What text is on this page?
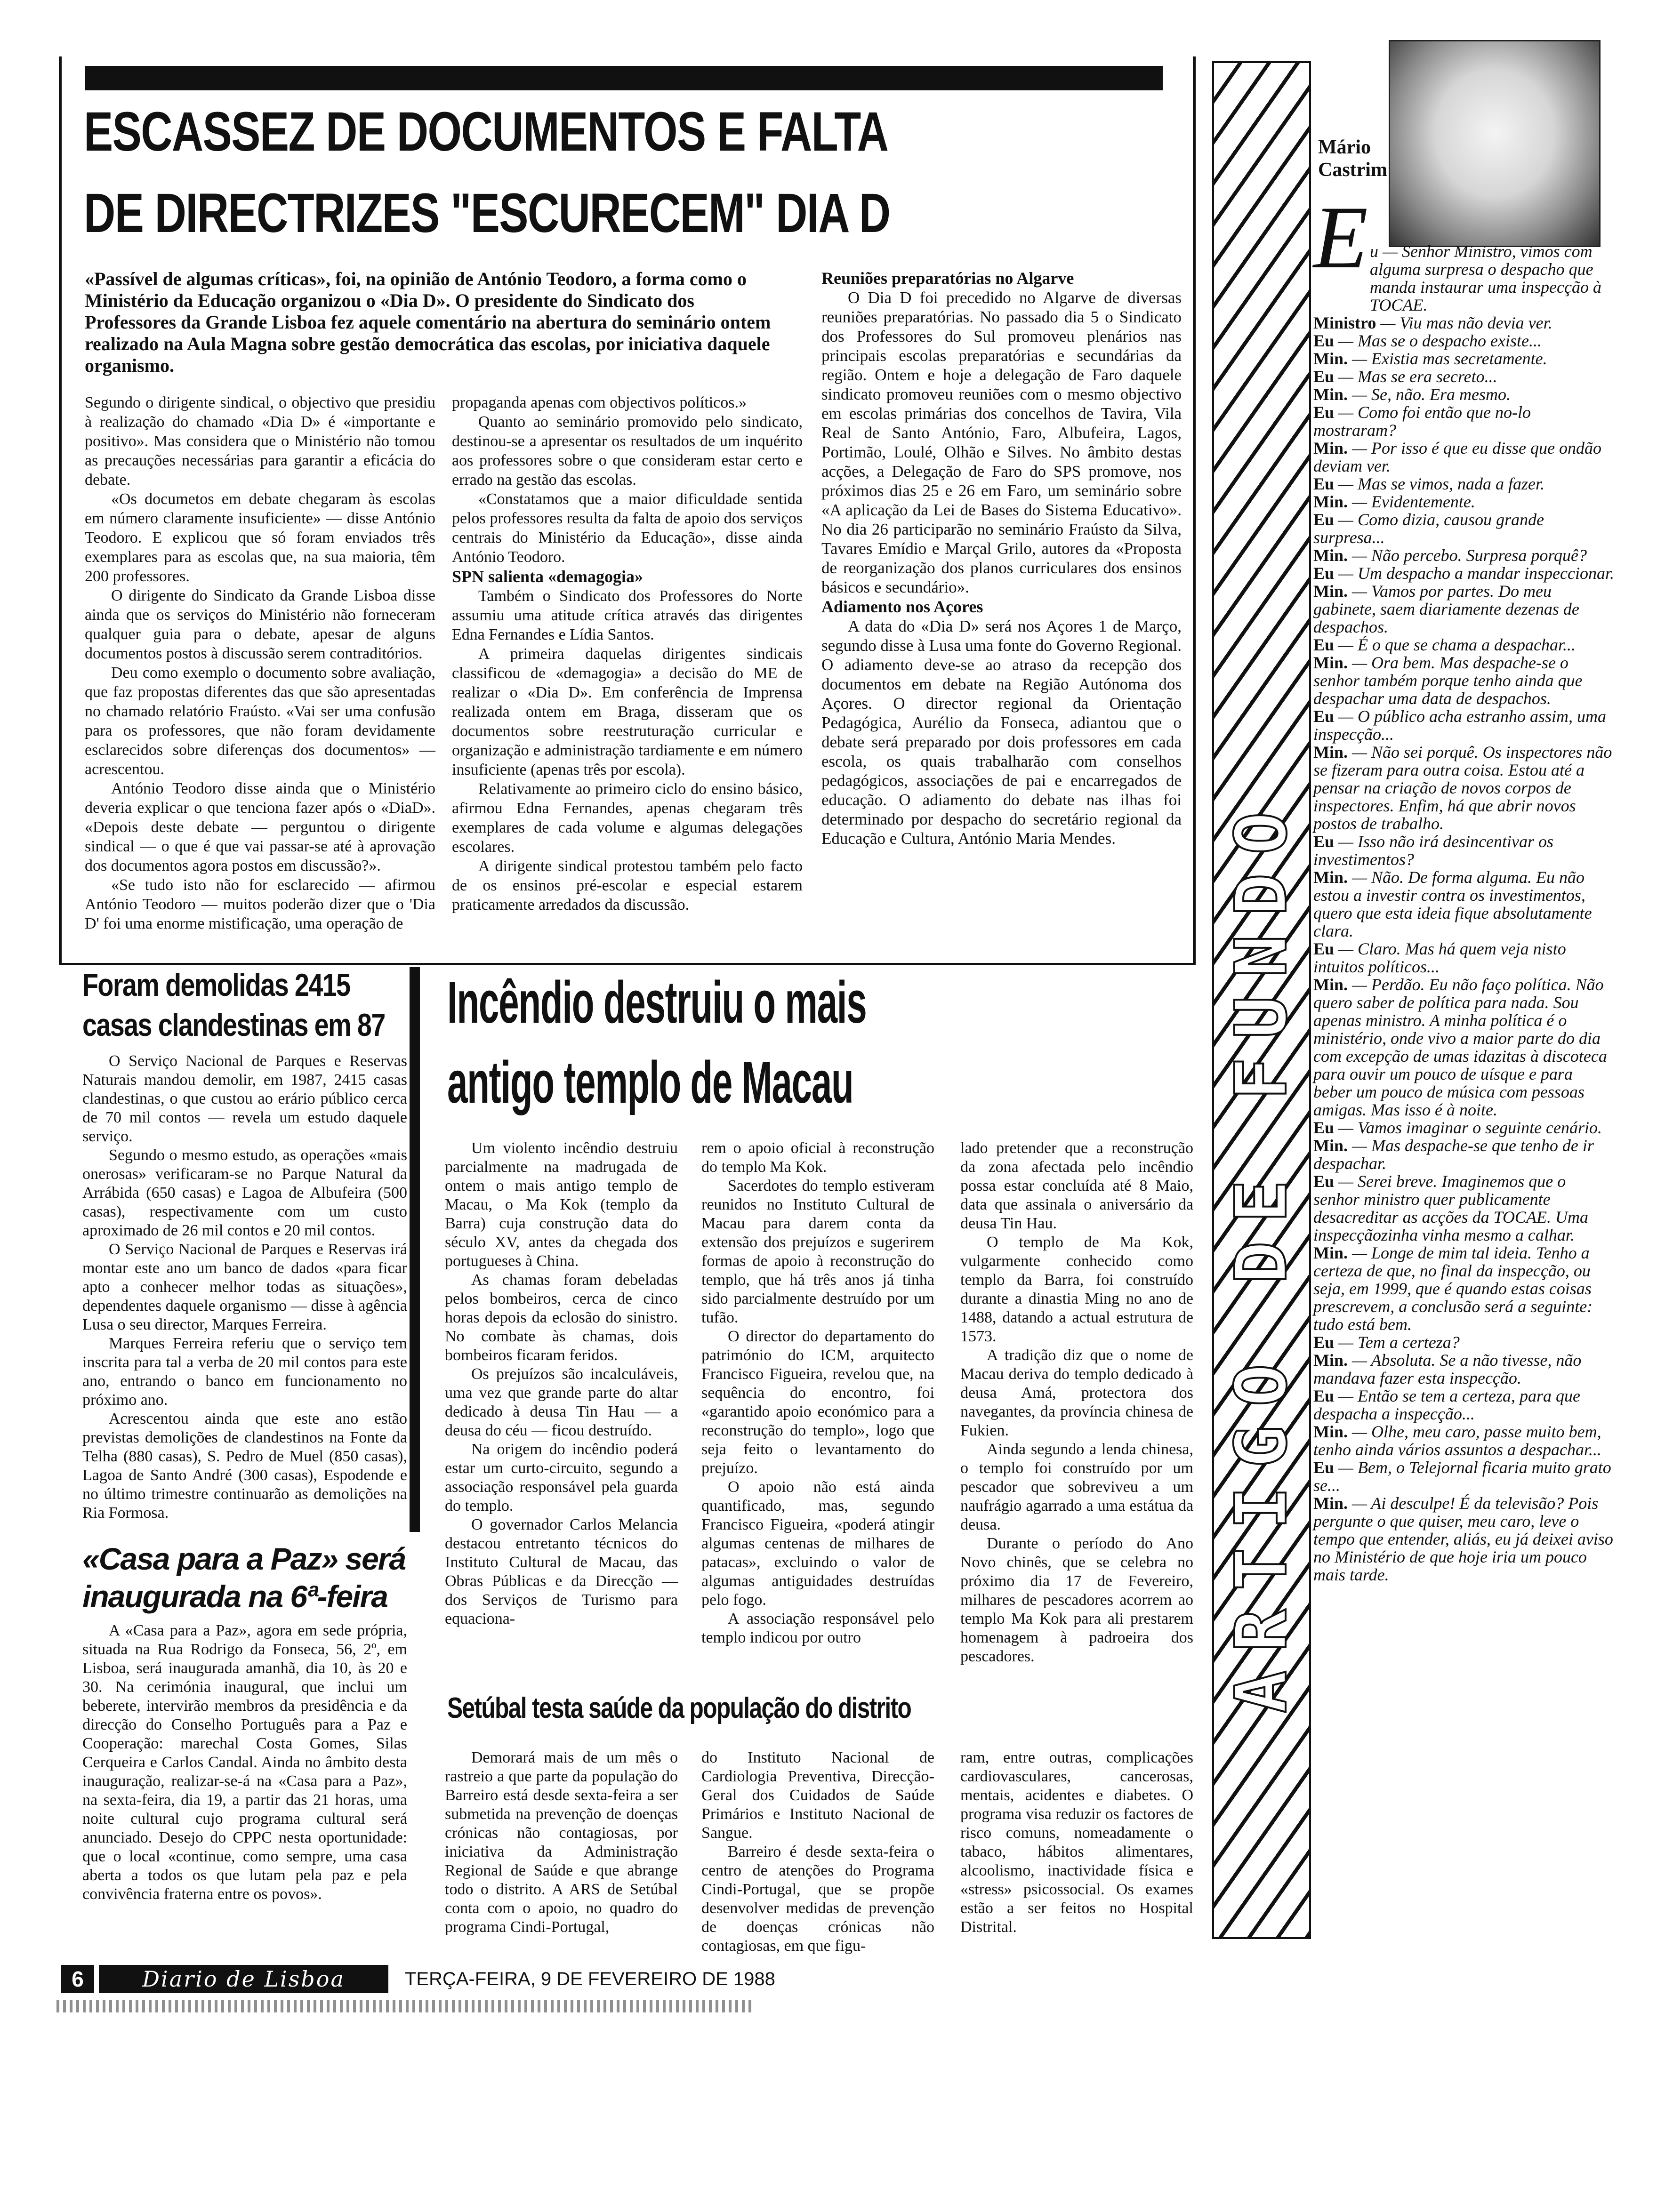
ESCASSEZ DE DOCUMENTOS E FALTA
DE DIRECTRIZES "ESCURECEM" DIA D
«Passível de algumas críticas», foi, na opinião de António Teodoro, a forma como o Ministério da Educação organizou o «Dia D». O presidente do Sindicato dos Professores da Grande Lisboa fez aquele comentário na abertura do seminário ontem realizado na Aula Magna sobre gestão democrática das escolas, por iniciativa daquele organismo.

Segundo o dirigente sindical, o objectivo que presidiu à realização do chamado «Dia D» é «importante e positivo». Mas considera que o Ministério não tomou as precauções necessárias para garantir a eficácia do debate.

«Os documetos em debate chegaram às escolas em número claramente insuficiente» — disse António Teodoro. E explicou que só foram enviados três exemplares para as escolas que, na sua maioria, têm 200 professores.

O dirigente do Sindicato da Grande Lisboa disse ainda que os serviços do Ministério não forneceram qualquer guia para o debate, apesar de alguns documentos postos à discussão serem contraditórios.

Deu como exemplo o documento sobre avaliação, que faz propostas diferentes das que são apresentadas no chamado relatório Fraústo. «Vai ser uma confusão para os professores, que não foram devidamente esclarecidos sobre diferenças dos documentos» — acrescentou.

António Teodoro disse ainda que o Ministério deveria explicar o que tenciona fazer após o «DiaD». «Depois deste debate — perguntou o dirigente sindical — o que é que vai passar-se até à aprovação dos documentos agora postos em discussão?».

«Se tudo isto não for esclarecido — afirmou António Teodoro — muitos poderão dizer que o 'Dia D' foi uma enorme mistificação, uma operação de

propaganda apenas com objectivos políticos.»

Quanto ao seminário promovido pelo sindicato, destinou-se a apresentar os resultados de um inquérito aos professores sobre o que consideram estar certo e errado na gestão das escolas.

«Constatamos que a maior dificuldade sentida pelos professores resulta da falta de apoio dos serviços centrais do Ministério da Educação», disse ainda António Teodoro.

SPN salienta «demagogia»

Também o Sindicato dos Professores do Norte assumiu uma atitude crítica através das dirigentes Edna Fernandes e Lídia Santos.

A primeira daquelas dirigentes sindicais classificou de «demagogia» a decisão do ME de realizar o «Dia D». Em conferência de Imprensa realizada ontem em Braga, disseram que os documentos sobre reestruturação curricular e organização e administração tardiamente e em número insuficiente (apenas três por escola).

Relativamente ao primeiro ciclo do ensino básico, afirmou Edna Fernandes, apenas chegaram três exemplares de cada volume e algumas delegações escolares.

A dirigente sindical protestou também pelo facto de os ensinos pré-escolar e especial estarem praticamente arredados da discussão.

Reuniões preparatórias no Algarve

O Dia D foi precedido no Algarve de diversas reuniões preparatórias. No passado dia 5 o Sindicato dos Professores do Sul promoveu plenários nas principais escolas preparatórias e secundárias da região. Ontem e hoje a delegação de Faro daquele sindicato promoveu reuniões com o mesmo objectivo em escolas primárias dos concelhos de Tavira, Vila Real de Santo António, Faro, Albufeira, Lagos, Portimão, Loulé, Olhão e Silves. No âmbito destas acções, a Delegação de Faro do SPS promove, nos próximos dias 25 e 26 em Faro, um seminário sobre «A aplicação da Lei de Bases do Sistema Educativo». No dia 26 participarão no seminário Fraústo da Silva, Tavares Emídio e Marçal Grilo, autores da «Proposta de reorganização dos planos curriculares dos ensinos básicos e secundário».

Adiamento nos Açores

A data do «Dia D» será nos Açores 1 de Março, segundo disse à Lusa uma fonte do Governo Regional. O adiamento deve-se ao atraso da recepção dos documentos em debate na Região Autónoma dos Açores. O director regional da Orientação Pedagógica, Aurélio da Fonseca, adiantou que o debate será preparado por dois professores em cada escola, os quais trabalharão com conselhos pedagógicos, associações de pai e encarregados de educação. O adiamento do debate nas ilhas foi determinado por despacho do secretário regional da Educação e Cultura, António Maria Mendes.

Foram demolidas 2415
casas clandestinas em 87

O Serviço Nacional de Parques e Reservas Naturais mandou demolir, em 1987, 2415 casas clandestinas, o que custou ao erário público cerca de 70 mil contos — revela um estudo daquele serviço.

Segundo o mesmo estudo, as operações «mais onerosas» verificaram-se no Parque Natural da Arrábida (650 casas) e Lagoa de Albufeira (500 casas), respectivamente com um custo aproximado de 26 mil contos e 20 mil contos.

O Serviço Nacional de Parques e Reservas irá montar este ano um banco de dados «para ficar apto a conhecer melhor todas as situações», dependentes daquele organismo — disse à agência Lusa o seu director, Marques Ferreira.

Marques Ferreira referiu que o serviço tem inscrita para tal a verba de 20 mil contos para este ano, entrando o banco em funcionamento no próximo ano.

Acrescentou ainda que este ano estão previstas demolições de clandestinos na Fonte da Telha (880 casas), S. Pedro de Muel (850 casas), Lagoa de Santo André (300 casas), Espodende e no último trimestre continuarão as demolições na Ria Formosa.

«Casa para a Paz» será
inaugurada na 6ª-feira

A «Casa para a Paz», agora em sede própria, situada na Rua Rodrigo da Fonseca, 56, 2º, em Lisboa, será inaugurada amanhã, dia 10, às 20 e 30. Na cerimónia inaugural, que inclui um beberete, intervirão membros da presidência e da direcção do Conselho Português para a Paz e Cooperação: marechal Costa Gomes, Silas Cerqueira e Carlos Candal. Ainda no âmbito desta inauguração, realizar-se-á na «Casa para a Paz», na sexta-feira, dia 19, a partir das 21 horas, uma noite cultural cujo programa cultural será anunciado. Desejo do CPPC nesta oportunidade: que o local «continue, como sempre, uma casa aberta a todos os que lutam pela paz e pela convivência fraterna entre os povos».

Incêndio destruiu o mais
antigo templo de Macau

Um violento incêndio destruiu parcialmente na madrugada de ontem o mais antigo templo de Macau, o Ma Kok (templo da Barra) cuja construção data do século XV, antes da chegada dos portugueses à China.

As chamas foram debeladas pelos bombeiros, cerca de cinco horas depois da eclosão do sinistro. No combate às chamas, dois bombeiros ficaram feridos.

Os prejuízos são incalculáveis, uma vez que grande parte do altar dedicado à deusa Tin Hau — a deusa do céu — ficou destruído.

Na origem do incêndio poderá estar um curto-circuito, segundo a associação responsável pela guarda do templo.

O governador Carlos Melancia destacou entretanto técnicos do Instituto Cultural de Macau, das Obras Públicas e da Direcção — dos Serviços de Turismo para equaciona-

rem o apoio oficial à reconstrução do templo Ma Kok.

Sacerdotes do templo estiveram reunidos no Instituto Cultural de Macau para darem conta da extensão dos prejuízos e sugerirem formas de apoio à reconstrução do templo, que há três anos já tinha sido parcialmente destruído por um tufão.

O director do departamento do património do ICM, arquitecto Francisco Figueira, revelou que, na sequência do encontro, foi «garantido apoio económico para a reconstrução do templo», logo que seja feito o levantamento do prejuízo.

O apoio não está ainda quantificado, mas, segundo Francisco Figueira, «poderá atingir algumas centenas de milhares de patacas», excluindo o valor de algumas antiguidades destruídas pelo fogo.

A associação responsável pelo templo indicou por outro

lado pretender que a reconstrução da zona afectada pelo incêndio possa estar concluída até 8 Maio, data que assinala o aniversário da deusa Tin Hau.

O templo de Ma Kok, vulgarmente conhecido como templo da Barra, foi construído durante a dinastia Ming no ano de 1488, datando a actual estrutura de 1573.

A tradição diz que o nome de Macau deriva do templo dedicado à deusa Amá, protectora dos navegantes, da província chinesa de Fukien.

Ainda segundo a lenda chinesa, o templo foi construído por um pescador que sobreviveu a um naufrágio agarrado a uma estátua da deusa.

Durante o período do Ano Novo chinês, que se celebra no próximo dia 17 de Fevereiro, milhares de pescadores acorrem ao templo Ma Kok para ali prestarem homenagem à padroeira dos pescadores.

Setúbal testa saúde da população do distrito

Demorará mais de um mês o rastreio a que parte da população do Barreiro está desde sexta-feira a ser submetida na prevenção de doenças crónicas não contagiosas, por iniciativa da Administração Regional de Saúde e que abrange todo o distrito. A ARS de Setúbal conta com o apoio, no quadro do programa Cindi-Portugal,

do Instituto Nacional de Cardiologia Preventiva, Direcção-Geral dos Cuidados de Saúde Primários e Instituto Nacional de Sangue.

Barreiro é desde sexta-feira o centro de atenções do Programa Cindi-Portugal, que se propõe desenvolver medidas de prevenção de doenças crónicas não contagiosas, em que figu-

ram, entre outras, complicações cardiovasculares, cancerosas, mentais, acidentes e diabetes. O programa visa reduzir os factores de risco comuns, nomeadamente o tabaco, hábitos alimentares, alcoolismo, inactividade física e «stress» psicossocial. Os exames estão a ser feitos no Hospital Distrital.

ARTIGO DE FUNDO
Mário
Castrim
E u — Senhor Ministro, vimos com alguma surpresa o despacho que manda instaurar uma inspecção à TOCAE.
Ministro — Viu mas não devia ver.
Eu — Mas se o despacho existe...
Min. — Existia mas secretamente.
Eu — Mas se era secreto...
Min. — Se, não. Era mesmo.
Eu — Como foi então que no-lo mostraram?
Min. — Por isso é que eu disse que ondão deviam ver.
Eu — Mas se vimos, nada a fazer.
Min. — Evidentemente.
Eu — Como dizia, causou grande surpresa...
Min. — Não percebo. Surpresa porquê?
Eu — Um despacho a mandar inspeccionar.
Min. — Vamos por partes. Do meu gabinete, saem diariamente dezenas de despachos.
Eu — É o que se chama a despachar...
Min. — Ora bem. Mas despache-se o senhor também porque tenho ainda que despachar uma data de despachos.
Eu — O público acha estranho assim, uma inspecção...
Min. — Não sei porquê. Os inspectores não se fizeram para outra coisa. Estou até a pensar na criação de novos corpos de inspectores. Enfim, há que abrir novos postos de trabalho.
Eu — Isso não irá desincentivar os investimentos?
Min. — Não. De forma alguma. Eu não estou a investir contra os investimentos, quero que esta ideia fique absolutamente clara.
Eu — Claro. Mas há quem veja nisto intuitos políticos...
Min. — Perdão. Eu não faço política. Não quero saber de política para nada. Sou apenas ministro. A minha política é o ministério, onde vivo a maior parte do dia com excepção de umas idazitas à discoteca para ouvir um pouco de uísque e para beber um pouco de música com pessoas amigas. Mas isso é à noite.
Eu — Vamos imaginar o seguinte cenário.
Min. — Mas despache-se que tenho de ir despachar.
Eu — Serei breve. Imaginemos que o senhor ministro quer publicamente desacreditar as acções da TOCAE. Uma inspecçãozinha vinha mesmo a calhar.
Min. — Longe de mim tal ideia. Tenho a certeza de que, no final da inspecção, ou seja, em 1999, que é quando estas coisas prescrevem, a conclusão será a seguinte: tudo está bem.
Eu — Tem a certeza?
Min. — Absoluta. Se a não tivesse, não mandava fazer esta inspecção.
Eu — Então se tem a certeza, para que despacha a inspecção...
Min. — Olhe, meu caro, passe muito bem, tenho ainda vários assuntos a despachar...
Eu — Bem, o Telejornal ficaria muito grato se...
Min. — Ai desculpe! É da televisão? Pois pergunte o que quiser, meu caro, leve o tempo que entender, aliás, eu já deixei aviso no Ministério de que hoje iria um pouco mais tarde.
6	Diario de Lisboa	TERÇA-FEIRA, 9 DE FEVEREIRO DE 1988
